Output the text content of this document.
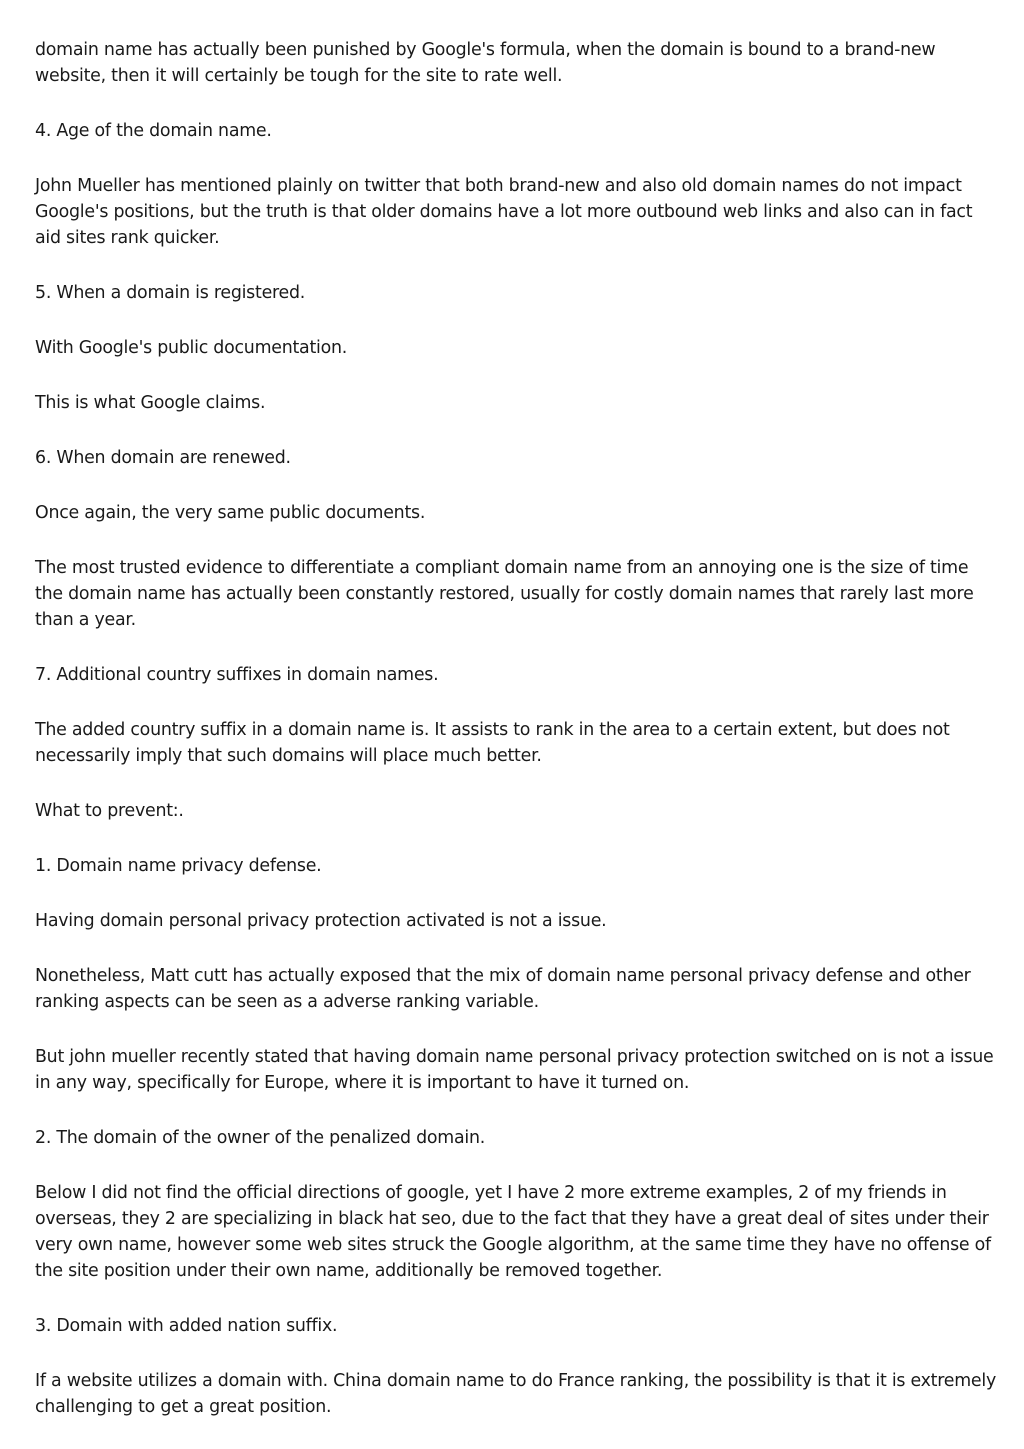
domain name has actually been punished by Google's formula, when the domain is bound to a brand-new website, then it will certainly be tough for the site to rate well.

4. Age of the domain name.

John Mueller has mentioned plainly on twitter that both brand-new and also old domain names do not impact Google's positions, but the truth is that older domains have a lot more outbound web links and also can in fact aid sites rank quicker.

5. When a domain is registered.

With Google's public documentation.

This is what Google claims.

6. When domain are renewed.

Once again, the very same public documents.

The most trusted evidence to differentiate a compliant domain name from an annoying one is the size of time the domain name has actually been constantly restored, usually for costly domain names that rarely last more than a year.

7. Additional country suffixes in domain names.

The added country suffix in a domain name is. It assists to rank in the area to a certain extent, but does not necessarily imply that such domains will place much better.

What to prevent:.

1. Domain name privacy defense.

Having domain personal privacy protection activated is not a issue.

Nonetheless, Matt cutt has actually exposed that the mix of domain name personal privacy defense and other ranking aspects can be seen as a adverse ranking variable.

But john mueller recently stated that having domain name personal privacy protection switched on is not a issue in any way, specifically for Europe, where it is important to have it turned on.

2. The domain of the owner of the penalized domain.

Below I did not find the official directions of google, yet I have 2 more extreme examples, 2 of my friends in overseas, they 2 are specializing in black hat seo, due to the fact that they have a great deal of sites under their very own name, however some web sites struck the Google algorithm, at the same time they have no offense of the site position under their own name, additionally be removed together.

3. Domain with added nation suffix.

If a website utilizes a domain with. China domain name to do France ranking, the possibility is that it is extremely challenging to get a great position.
